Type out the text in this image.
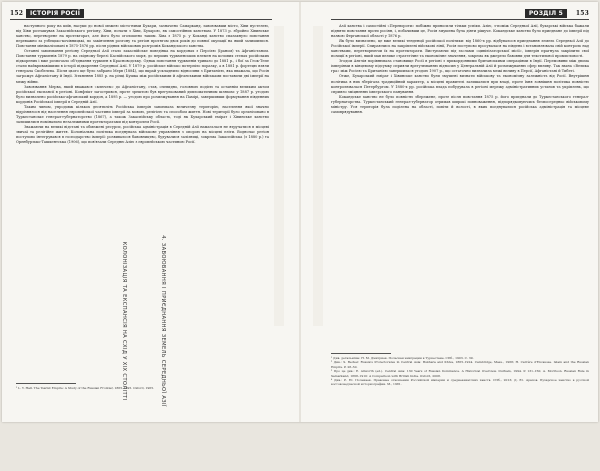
152	ІСТОРІЯ РОСІЇ

наступного року на київ, насуки до нової межею місто-ними Бухари, зазначено Самарканд, завоювавши місто, Хіви пустелею, від Хіви розташував Закаспійського регіону, Хіви, почати з Хіви, Бухарою, як самостійних ханствам. У 1873 р. збройно Хівинське ханство, перетворене на протекторат, але його було оголошено таким. Хіва з 1875 р. у Коканді ханство спалахнуло повстання переважно за узбецько-кочівницькі, по закінчення розгону та регіон протягом двох років до повної окупації на який залишилися. Повстання мінімалізовані в 1875-1876 рр. після рідних військових розгромів Кокандського ханства.

Останні завоювання регіону Середньої Азії стало закаспійське поведінка на кордонах з Персією (Іраном) та Афганістаном. Повстання туркменів 1879 р. на східному березі Каспійського моря, до перших туркменських племен на кочових степах російських підкорених і вже розпочало об'єднання туркмен в Красноводську. Однак повстання туркменів тривало до 1881 р., і бої за Геок-Тепе стали найкривавішими в історії підкорення Середньої Азії. У 1879 р. російське військо потерпіло поразку, а в 1881 р. фортецю взяли генерала Скобелєва. Після цього ще було забрано Мерв (1884), що вкрай ускладнило відносини з Британією, яка вважала, що Росія загрожує Афганістану й Індії. Зіткнення 1885 р. на річці Кушка між російськими й афганськими військами поставили дві імперії на межу війни.

Завоювання Мерва, який вважався «ключем» до Афганістану, став, очевидно, головною подією та останнім великим актом російської експансії в регіоні. Конфлікт загострився, проте зрештою був врегульований дипломатичним шляхом: у 1887 р. угодою було визначено російсько-афганський кордон, а 1895 р. — угодою про розмежування на Памірі, завершивши формування південних кордонів Російської імперії в Середній Азії.

Таким чином, упродовж кількох десятиліть Російська імперія завоювала величезну територію, населення якої значно відрізнялося від населення європейської частини імперії за мовою, релігією та способом життя. Нові території було організовано в Туркестанське генерал-губернаторство (1867), а також Закаспійську область, тоді як Бухарський емірат і Хівинське ханство залишилися номінально незалежними протекторатами під контролем Росії.

Зважаючи на великі відстані та обмежені ресурси, російська адміністрація в Середній Азії намагалася не втручатися в місцеві звичаї та релігійне життя. Колоніальна політика поєднувала військове управління з опорою на місцеві еліти. Водночас регіон поступово інтегрувався в господарство імперії: розвивалося бавовництво, будувалися залізниці, зокрема Закаспійська (з 1880 р.) та Оренбурзько-Ташкентська (1906), що пов'язали Середню Азію з європейською частиною Росії.

КОЛОНІЗАЦІЯ ТА ЕКСПАНСІЯ НА СХІД У XIX СТОЛІТТІ

¹ L. Y. Hall. The Tsarist Empire: A Study of the Russian Frontier, 1865–1895. Oxford, 1965.

РОЗДІЛ 5	153
4. ЗАВОЮВАННЯ І ПРИЄДНАННЯ ЗЕМЕЛЬ СЕРЕДНЬОЇ АЗІЇ

Азії ханства і самостійні «Перевороти» побіжно приносили тільки успіхи. Азію, з-поміж Середньої Азії, бухарські війська бажали підняти повстання проти росіян, і, побачивши це, Росія змушена була діяти рішуче. Кокандське ханство було приєднане до імперії під назвою Ферганської області у 1876 р.

Як було визначено, це вже великі тенденції російської політики: від 1860-х рр. відбувалося приєднання земель Середньої Азії до Російської імперії. Спираючись на закріплені військові лінії, Росія поступово просувалася на південь і встановлювала свій контроль над ханствами, перетворюючи їх на протекторати. Виступаючи під гаслами «цивілізаторської місії», імперія прагнула закріпити свої позиції в регіоні, який мав велике стратегічне та економічне значення, зокрема як джерело бавовни для текстильної промисловості.

Згодом Англія порівнювала становище Росії в регіоні з прикордонними британськими операціями в Індії. Перемовини між двома імперіями в кінцевому підсумку сприяли врегулюванню відносин у Центральній Азії й розмежуванню сфер впливу. Так звана «Велика гра» між Росією та Британією завершилася угодою 1907 р., що остаточно визначила межі впливу в Персії, Афганістані й Тибеті.

Отже, Бухарський емірат і Хівинське ханство були змушені визнати військову та економічну залежність від Росії. Внутрішня політика в них зберігала традиційний характер, а місцеві правителі залишалися при владі, проте їхня зовнішня політика повністю контролювалася Петербургом. У 1880-х рр. російська влада побудувала в регіоні мережу адміністративних установ та укріплень, що сприяло зміцненню імперського панування.

Кокандське ханство не було повністю збережене, проте після повстання 1875 р. його приєднали до Туркестанського генерал-губернаторства. Туркестанський генерал-губернатор отримав широкі повноваження, підпорядковуючись безпосередньо військовому міністру. Уся територія була поділена на області, повіти й волості, в яких поєднувалися російська адміністрація та місцеве самоврядування.

¹ Див. детальніше: Н. М. Дмитриев. Польская эмиграция в Туркестане. СПб., 1903. С. 39.

² Див.: S. Becker. Russia's Protectorates in Central Asia: Bukhara and Khiva, 1865–1924. Cambridge, Mass., 1968; H. Carrère d'Encausse. Islam and the Russian Empire. P. 28–30.

³ Про це див.: E. Allworth (ed.). Central Asia: 130 Years of Russian Dominance. A Historical Overview. Durham, 1994. P. 131–150; A. Morrison. Russian Rule in Samarkand, 1868–1910: A Comparison with British India. Oxford, 2008.

⁴ Див.: Р. Ю. Почекаев. Правовые отношения Российской империи и среднеазиатских ханств. СПб., 2013; Д. Ю. Арапов. Бухарское ханство в русской востоковедческой историографии. М., 1981.
